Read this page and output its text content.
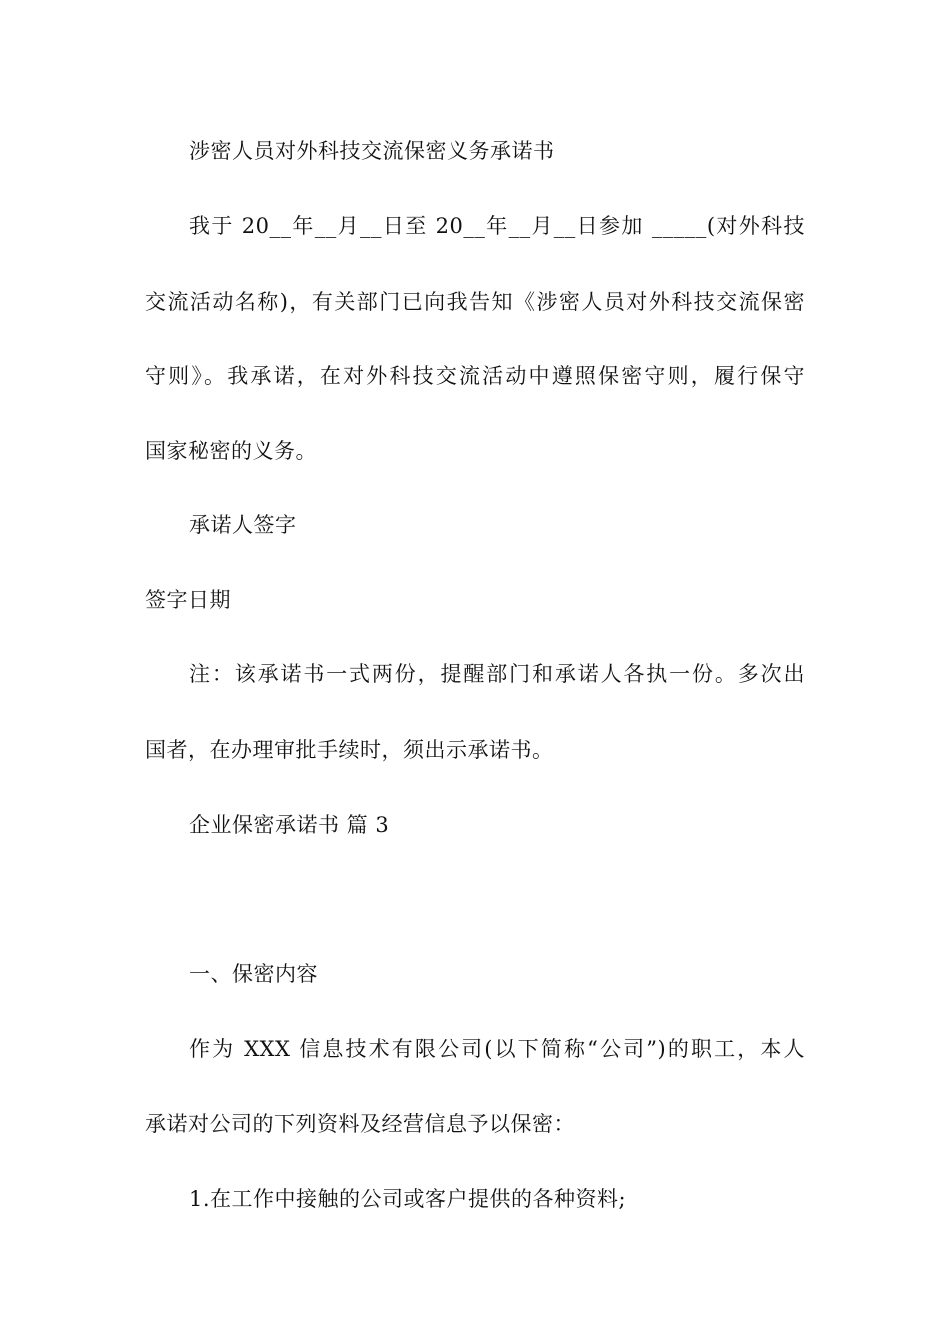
涉密人员对外科技交流保密义务承诺书
我于 20__年__月__日至 20__年__月__日参加 _____(对外科技
交流活动名称)，有关部门已向我告知《涉密人员对外科技交流保密
守则》。我承诺，在对外科技交流活动中遵照保密守则，履行保守
国家秘密的义务。
承诺人签字
签字日期
注：该承诺书一式两份，提醒部门和承诺人各执一份。多次出
国者，在办理审批手续时，须出示承诺书。
企业保密承诺书 篇 3
一、保密内容
作为 XXX 信息技术有限公司(以下简称“公司”)的职工，本人
承诺对公司的下列资料及经营信息予以保密：
1.在工作中接触的公司或客户提供的各种资料;
